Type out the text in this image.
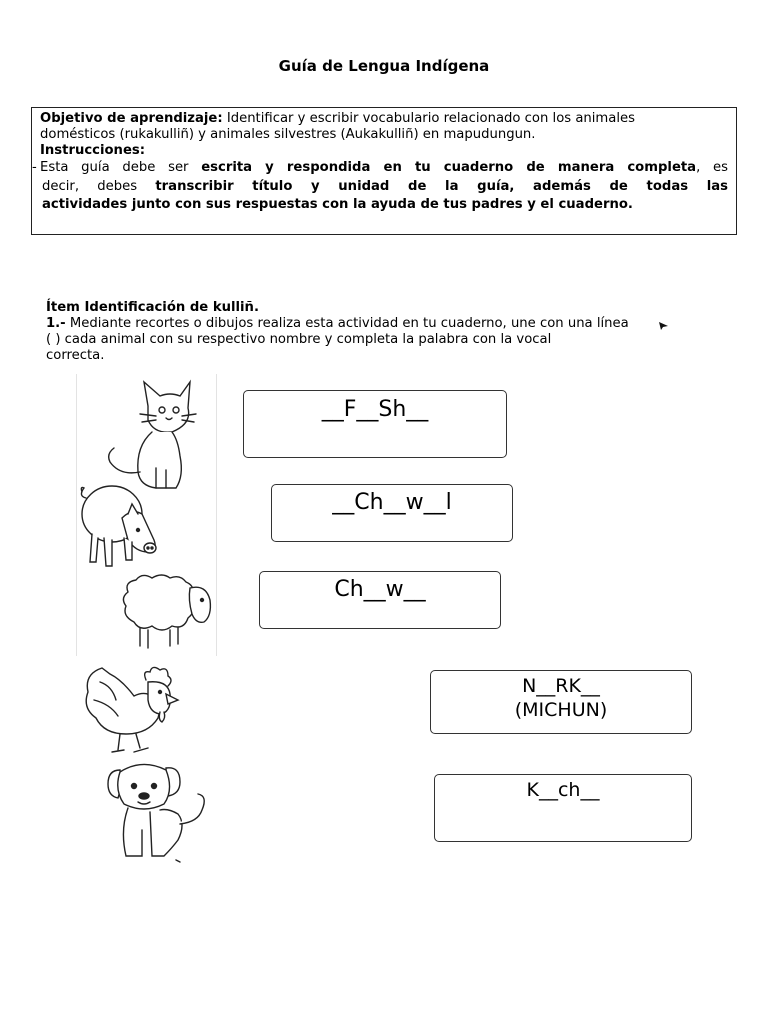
Guía de Lengua Indígena
Objetivo de aprendizaje: Identificar y escribir vocabulario relacionado con los animales
domésticos (rukakulliñ) y animales silvestres (Aukakulliñ) en mapudungun.
Instrucciones:
- Esta guía debe ser escrita y respondida en tu cuaderno de manera completa, es
decir, debes transcribir título y unidad de la guía, además de todas las
actividades junto con sus respuestas con la ayuda de tus padres y el cuaderno.
Ítem Identificación de kulliñ.
1.- Mediante recortes o dibujos realiza esta actividad en tu cuaderno, une con una línea
( ) cada animal con su respectivo nombre y completa la palabra con la vocal
correcta.
__F__Sh__
__Ch__w__l
Ch__w__
N__RK__
(MICHUN)
K__ch__
